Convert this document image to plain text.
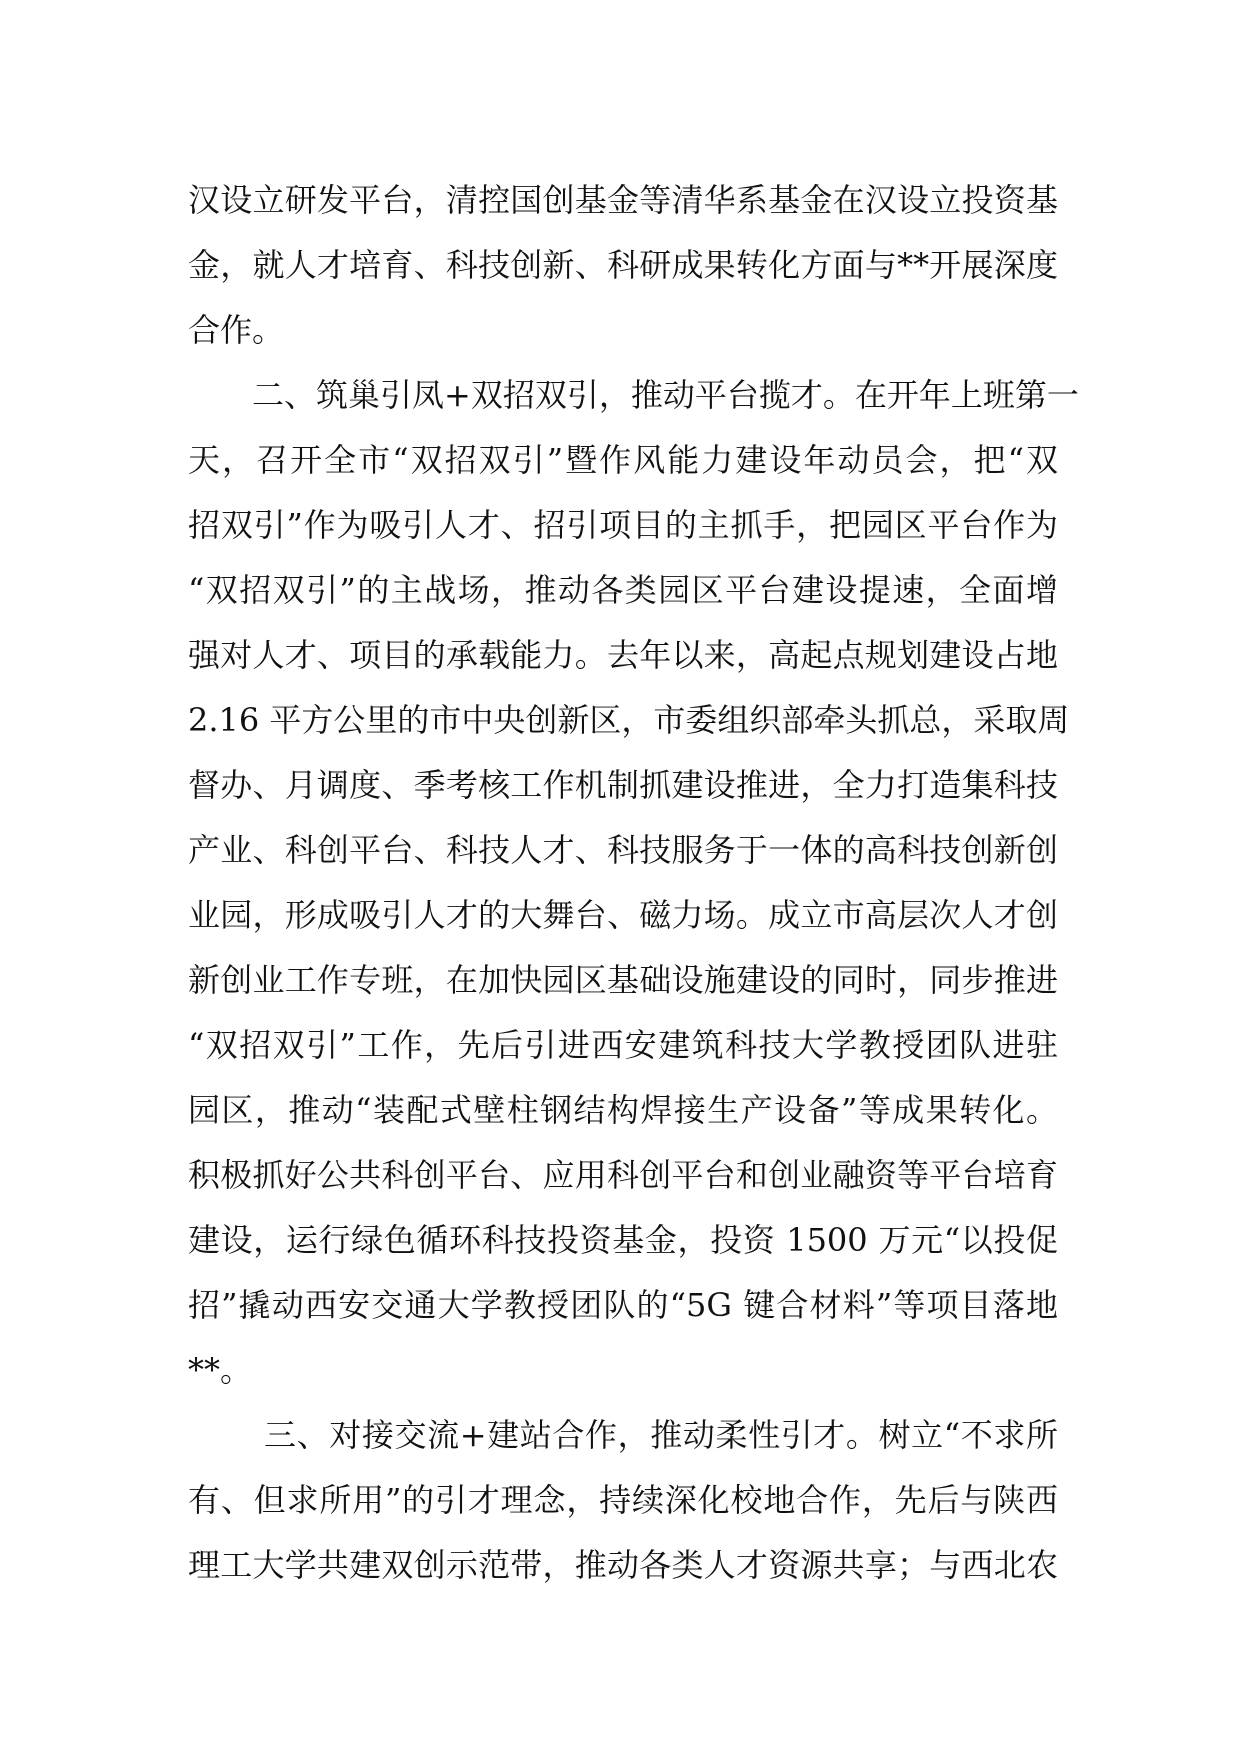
汉设立研发平台，清控国创基金等清华系基金在汉设立投资基
金，就人才培育、科技创新、科研成果转化方面与**开展深度
合作。
　　二、筑巢引凤+双招双引，推动平台揽才。在开年上班第一
天，召开全市“双招双引”暨作风能力建设年动员会，把“双
招双引”作为吸引人才、招引项目的主抓手，把园区平台作为
“双招双引”的主战场，推动各类园区平台建设提速，全面增
强对人才、项目的承载能力。去年以来，高起点规划建设占地
2.16 平方公里的市中央创新区，市委组织部牵头抓总，采取周
督办、月调度、季考核工作机制抓建设推进，全力打造集科技
产业、科创平台、科技人才、科技服务于一体的高科技创新创
业园，形成吸引人才的大舞台、磁力场。成立市高层次人才创
新创业工作专班，在加快园区基础设施建设的同时，同步推进
“双招双引”工作，先后引进西安建筑科技大学教授团队进驻
园区，推动“装配式壁柱钢结构焊接生产设备”等成果转化。
积极抓好公共科创平台、应用科创平台和创业融资等平台培育
建设，运行绿色循环科技投资基金，投资 1500 万元“以投促
招”撬动西安交通大学教授团队的“5G 键合材料”等项目落地
**。
　　 三、对接交流+建站合作，推动柔性引才。树立“不求所
有、但求所用”的引才理念，持续深化校地合作，先后与陕西
理工大学共建双创示范带，推动各类人才资源共享；与西北农
